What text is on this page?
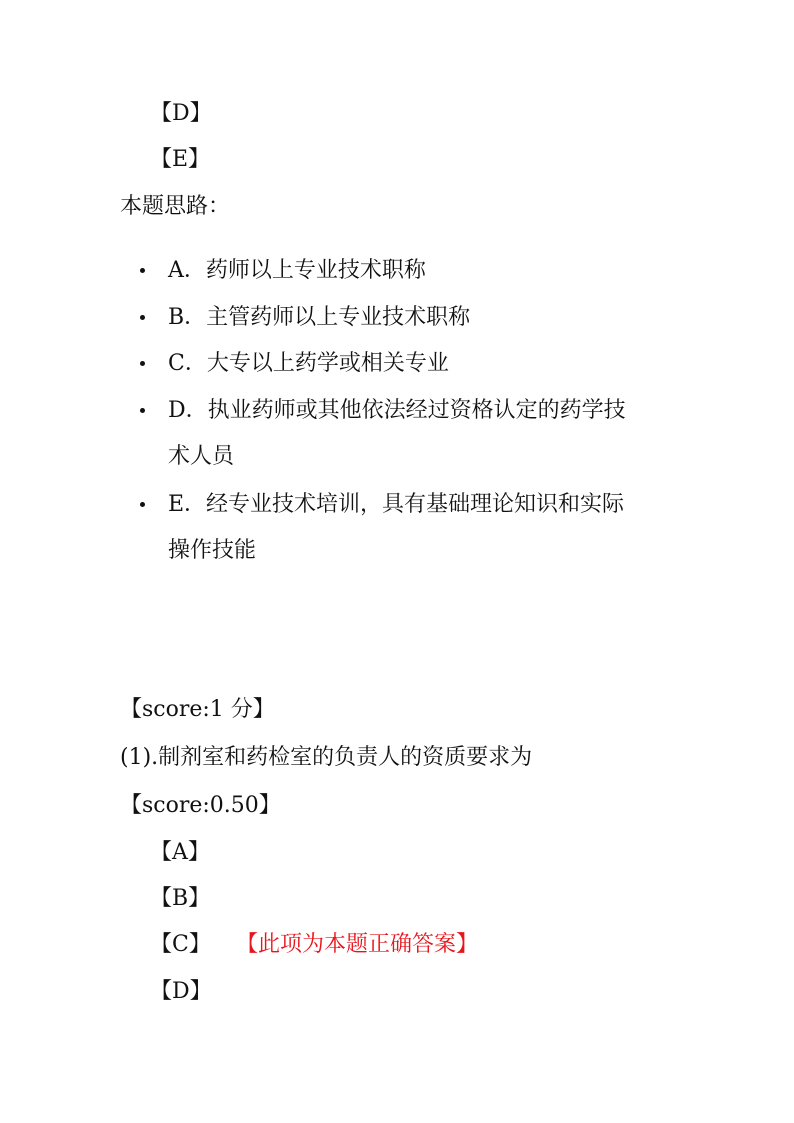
【D】
【E】
本题思路：
A．药师以上专业技术职称
B．主管药师以上专业技术职称
C．大专以上药学或相关专业
D．执业药师或其他依法经过资格认定的药学技
术人员
E．经专业技术培训，具有基础理论知识和实际
操作技能
【score:1 分】
(1).制剂室和药检室的负责人的资质要求为
【score:0.50】
【A】
【B】
【C】 【此项为本题正确答案】
【D】
